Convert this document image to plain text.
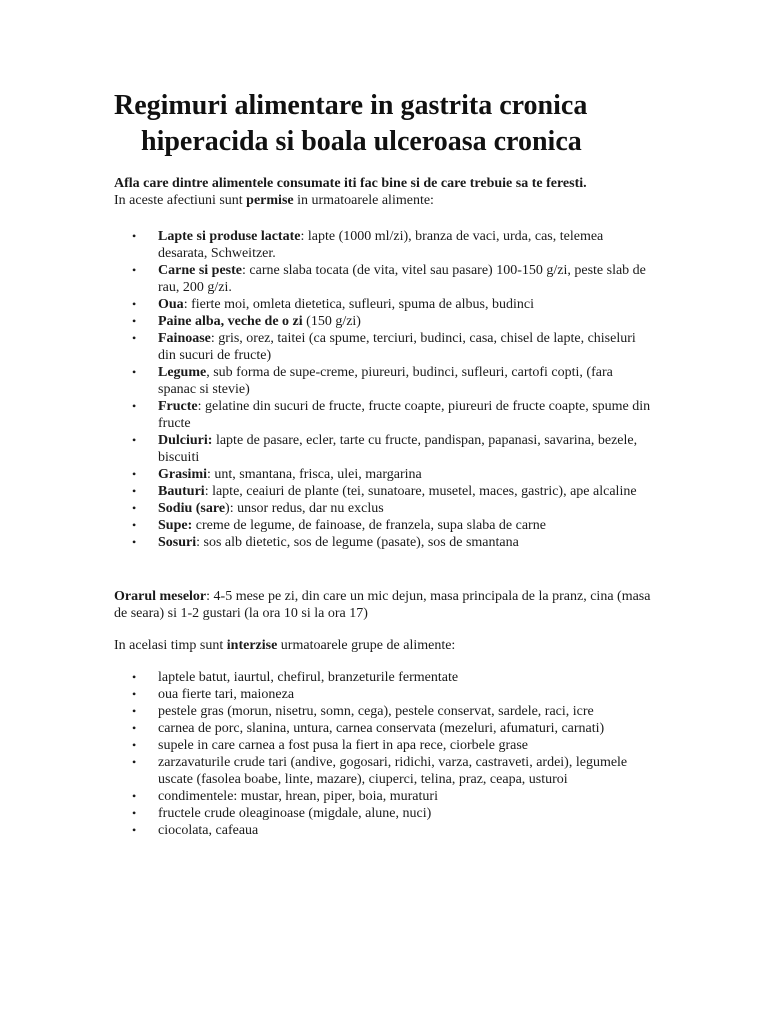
Regimuri alimentare in gastrita cronica
hiperacida si boala ulceroasa cronica
Afla care dintre alimentele consumate iti fac bine si de care trebuie sa te feresti.
In aceste afectiuni sunt permise in urmatoarele alimente:
• Lapte si produse lactate: lapte (1000 ml/zi), branza de vaci, urda, cas, telemea desarata, Schweitzer.
• Carne si peste: carne slaba tocata (de vita, vitel sau pasare) 100-150 g/zi, peste slab de rau, 200 g/zi.
• Oua: fierte moi, omleta dietetica, sufleuri, spuma de albus, budinci
• Paine alba, veche de o zi (150 g/zi)
• Fainoase: gris, orez, taitei (ca spume, terciuri, budinci, casa, chisel de lapte, chiseluri din sucuri de fructe)
• Legume, sub forma de supe-creme, piureuri, budinci, sufleuri, cartofi copti, (fara spanac si stevie)
• Fructe: gelatine din sucuri de fructe, fructe coapte, piureuri de fructe coapte, spume din fructe
• Dulciuri: lapte de pasare, ecler, tarte cu fructe, pandispan, papanasi, savarina, bezele, biscuiti
• Grasimi: unt, smantana, frisca, ulei, margarina
• Bauturi: lapte, ceaiuri de plante (tei, sunatoare, musetel, maces, gastric), ape alcaline
• Sodiu (sare): unsor redus, dar nu exclus
• Supe: creme de legume, de fainoase, de franzela, supa slaba de carne
• Sosuri: sos alb dietetic, sos de legume (pasate), sos de smantana
Orarul meselor: 4-5 mese pe zi, din care un mic dejun, masa principala de la pranz, cina (masa de seara) si 1-2 gustari (la ora 10 si la ora 17)
In acelasi timp sunt interzise urmatoarele grupe de alimente:
• laptele batut, iaurtul, chefirul, branzeturile fermentate
• oua fierte tari, maioneza
• pestele gras (morun, nisetru, somn, cega), pestele conservat, sardele, raci, icre
• carnea de porc, slanina, untura, carnea conservata (mezeluri, afumaturi, carnati)
• supele in care carnea a fost pusa la fiert in apa rece, ciorbele grase
• zarzavaturile crude tari (andive, gogosari, ridichi, varza, castraveti, ardei), legumele uscate (fasolea boabe, linte, mazare), ciuperci, telina, praz, ceapa, usturoi
• condimentele: mustar, hrean, piper, boia, muraturi
• fructele crude oleaginoase (migdale, alune, nuci)
• ciocolata, cafeaua
